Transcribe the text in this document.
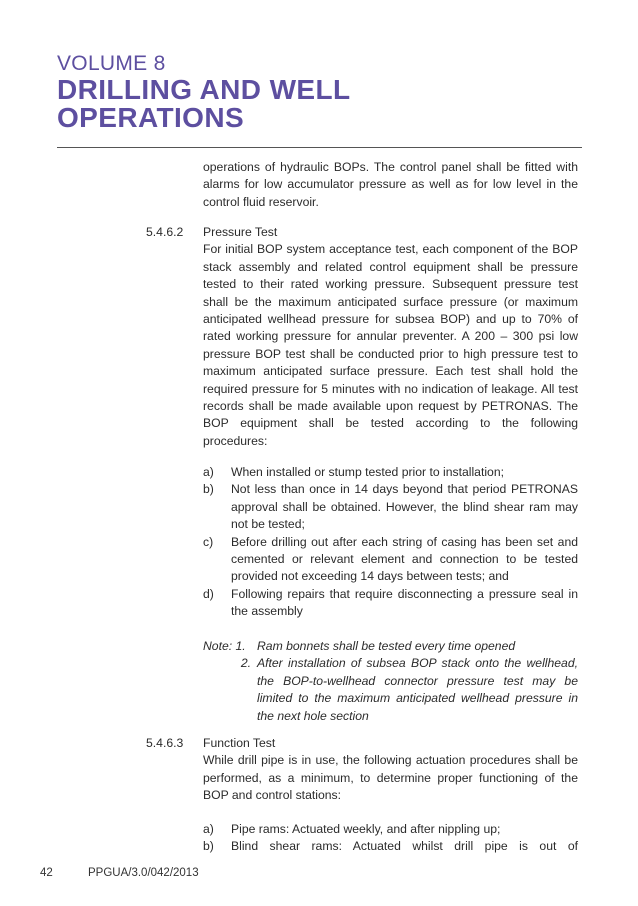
VOLUME 8
DRILLING AND WELL
OPERATIONS
operations of hydraulic BOPs. The control panel shall be fitted with alarms for low accumulator pressure as well as for low level in the control fluid reservoir.
5.4.6.2 Pressure Test
For initial BOP system acceptance test, each component of the BOP stack assembly and related control equipment shall be pressure tested to their rated working pressure. Subsequent pressure test shall be the maximum anticipated surface pressure (or maximum anticipated wellhead pressure for subsea BOP) and up to 70% of rated working pressure for annular preventer. A 200 – 300 psi low pressure BOP test shall be conducted prior to high pressure test to maximum anticipated surface pressure. Each test shall hold the required pressure for 5 minutes with no indication of leakage. All test records shall be made available upon request by PETRONAS. The BOP equipment shall be tested according to the following procedures:
a)	When installed or stump tested prior to installation;
b)	Not less than once in 14 days beyond that period PETRONAS approval shall be obtained. However, the blind shear ram may not be tested;
c)	Before drilling out after each string of casing has been set and cemented or relevant element and connection to be tested provided not exceeding 14 days between tests; and
d)	Following repairs that require disconnecting a pressure seal in the assembly
Note: 1. Ram bonnets shall be tested every time opened
2. After installation of subsea BOP stack onto the wellhead, the BOP-to-wellhead connector pressure test may be limited to the maximum anticipated wellhead pressure in the next hole section
5.4.6.3 Function Test
While drill pipe is in use, the following actuation procedures shall be performed, as a minimum, to determine proper functioning of the BOP and control stations:
a)	Pipe rams: Actuated weekly, and after nippling up;
b)	Blind shear rams: Actuated whilst drill pipe is out of
42	PPGUA/3.0/042/2013
